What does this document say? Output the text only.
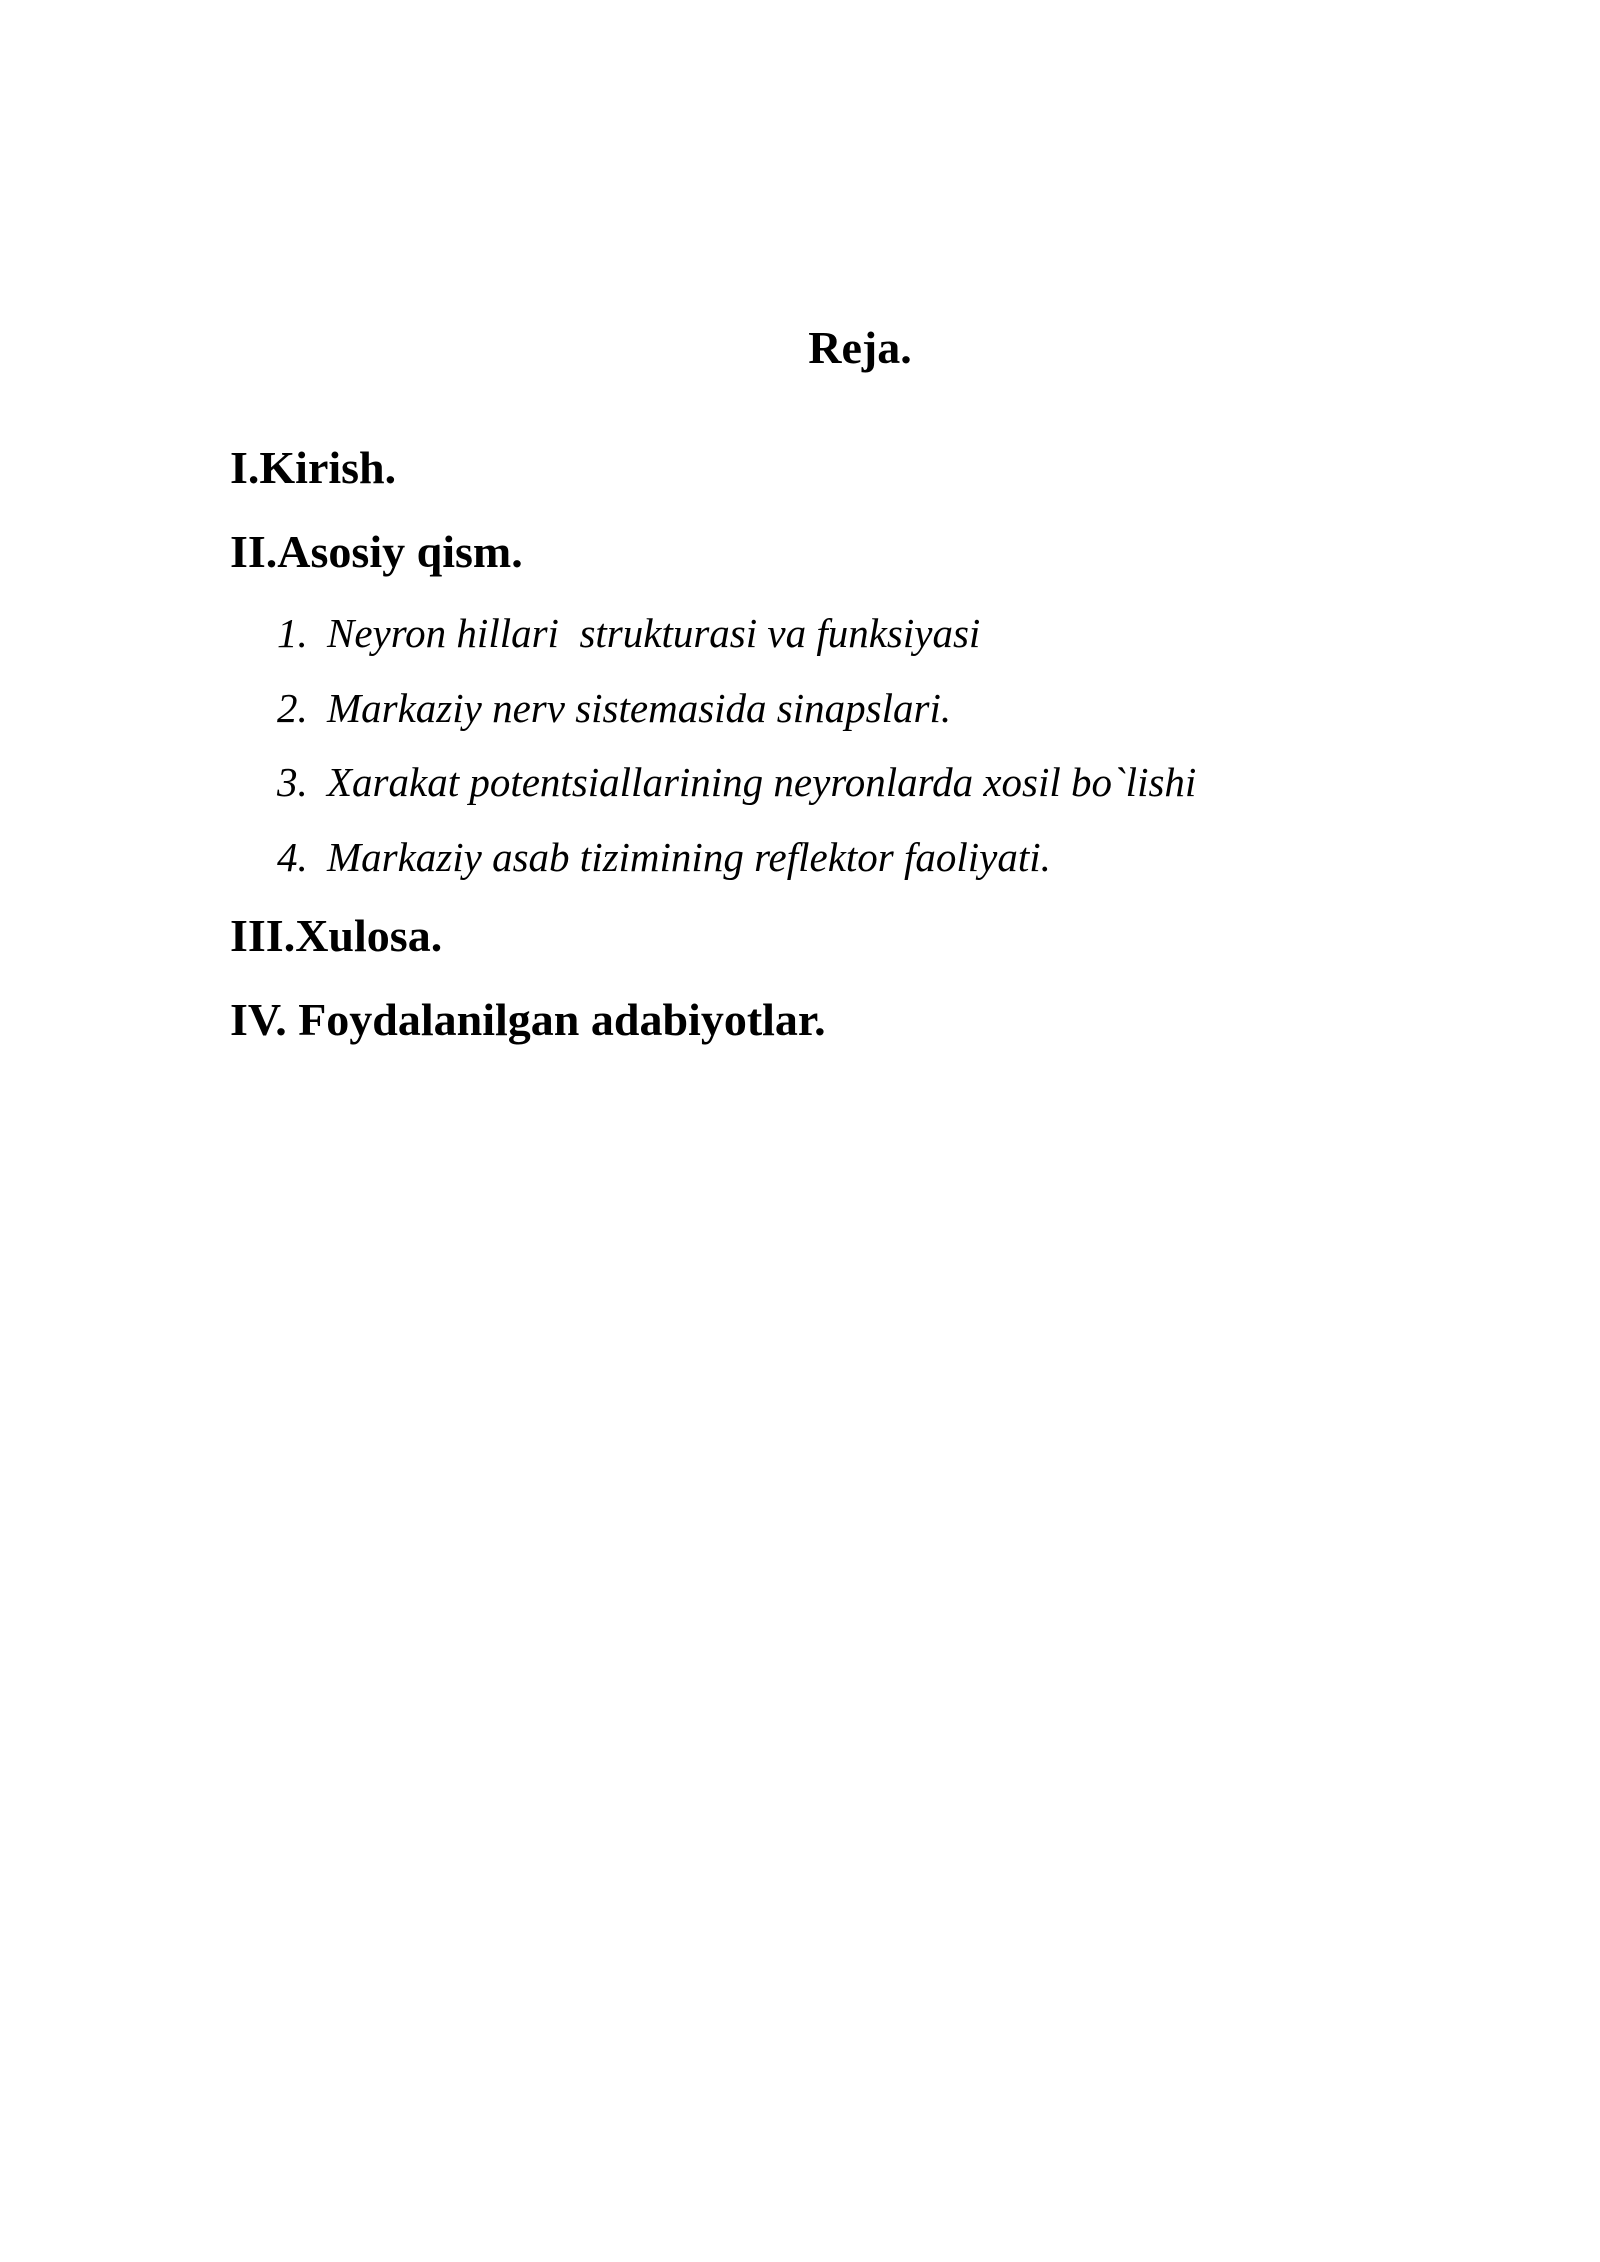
Reja.
I.Kirish.
II.Asosiy qism.
1. Neyron hillari  strukturasi va funksiyasi
2. Markaziy nerv sistemasida sinapslari.
3. Xarakat potentsiallarining neyronlarda xosil bo`lishi
4. Markaziy asab tizimining reflektor faoliyati.
III.Xulosa.
IV. Foydalanilgan adabiyotlar.
